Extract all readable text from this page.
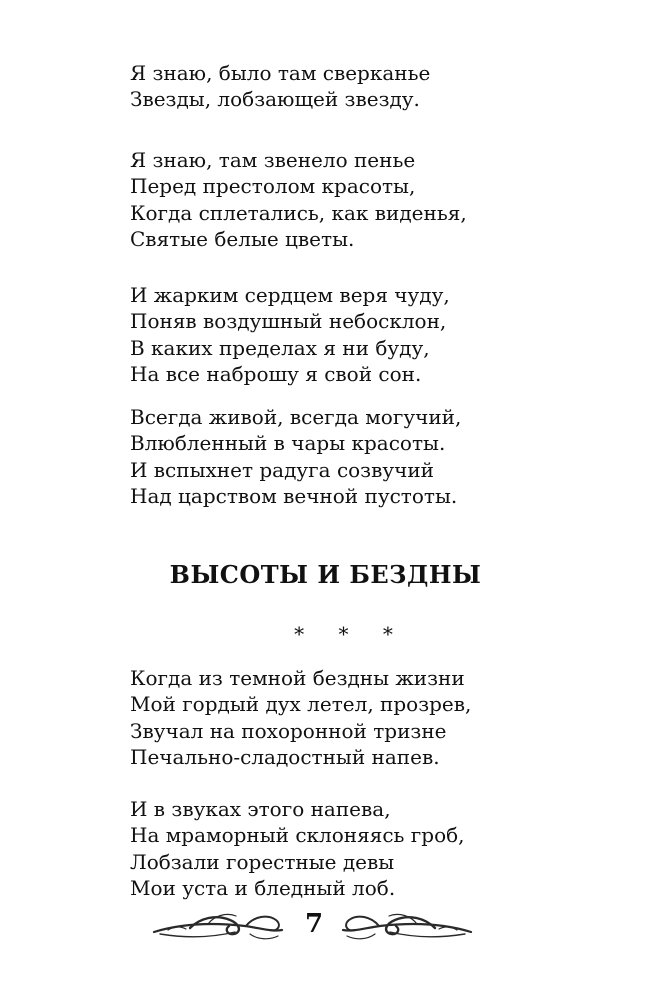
Я знаю, было там сверканье
Звезды, лобзающей звезду.
Я знаю, там звенело пенье
Перед престолом красоты,
Когда сплетались, как виденья,
Святые белые цветы.
И жарким сердцем веря чуду,
Поняв воздушный небосклон,
В каких пределах я ни буду,
На все наброшу я свой сон.
Всегда живой, всегда могучий,
Влюбленный в чары красоты.
И вспыхнет радуга созвучий
Над царством вечной пустоты.
ВЫСОТЫ И БЕЗДНЫ
* * *
Когда из темной бездны жизни
Мой гордый дух летел, прозрев,
Звучал на похоронной тризне
Печально-сладостный напев.
И в звуках этого напева,
На мраморный склоняясь гроб,
Лобзали горестные девы
Мои уста и бледный лоб.
7
